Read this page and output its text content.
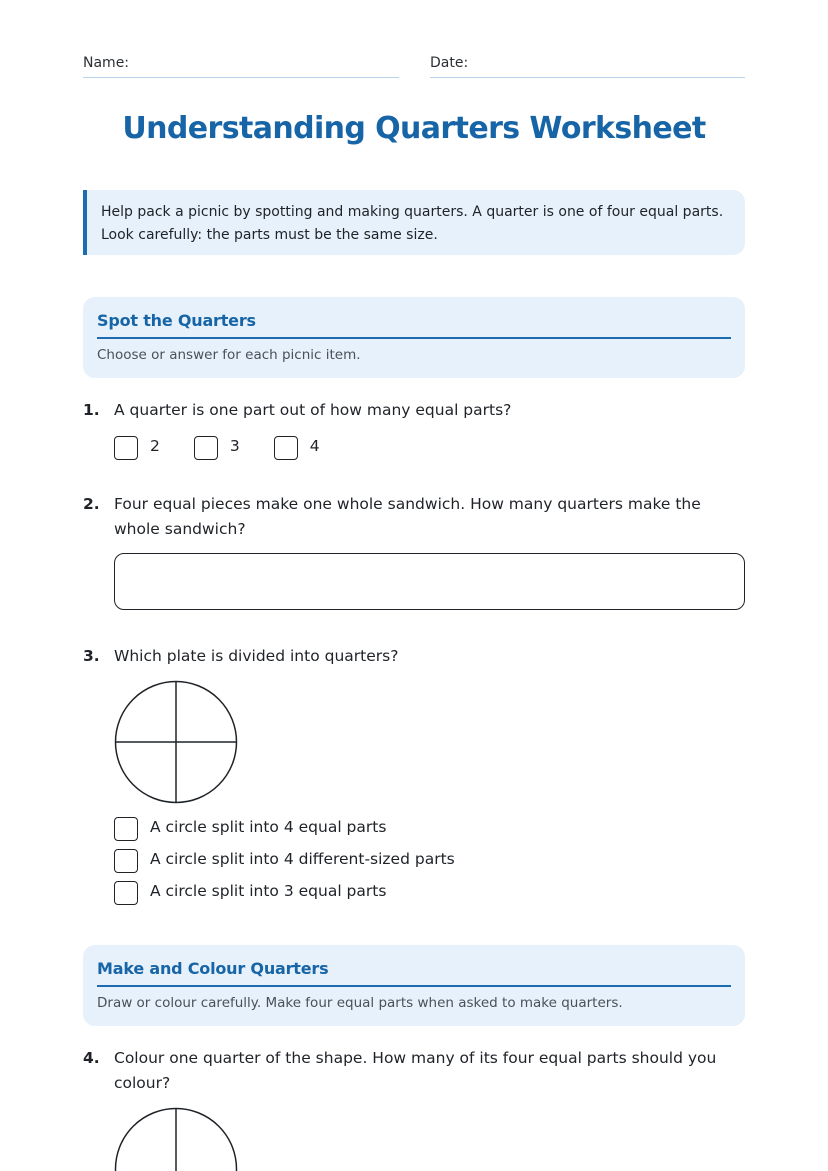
Name:	Date:
Understanding Quarters Worksheet

Help pack a picnic by spotting and making quarters. A quarter is one of four equal parts.

Look carefully: the parts must be the same size.

Spot the Quarters
Choose or answer for each picnic item.
1. A quarter is one part out of how many equal parts?
2	3	4
2. Four equal pieces make one whole sandwich. How many quarters make the whole sandwich?
3. Which plate is divided into quarters?
A circle split into 4 equal parts
A circle split into 4 different-sized parts
A circle split into 3 equal parts
Make and Colour Quarters
Draw or colour carefully. Make four equal parts when asked to make quarters.
4. Colour one quarter of the shape. How many of its four equal parts should you colour?
